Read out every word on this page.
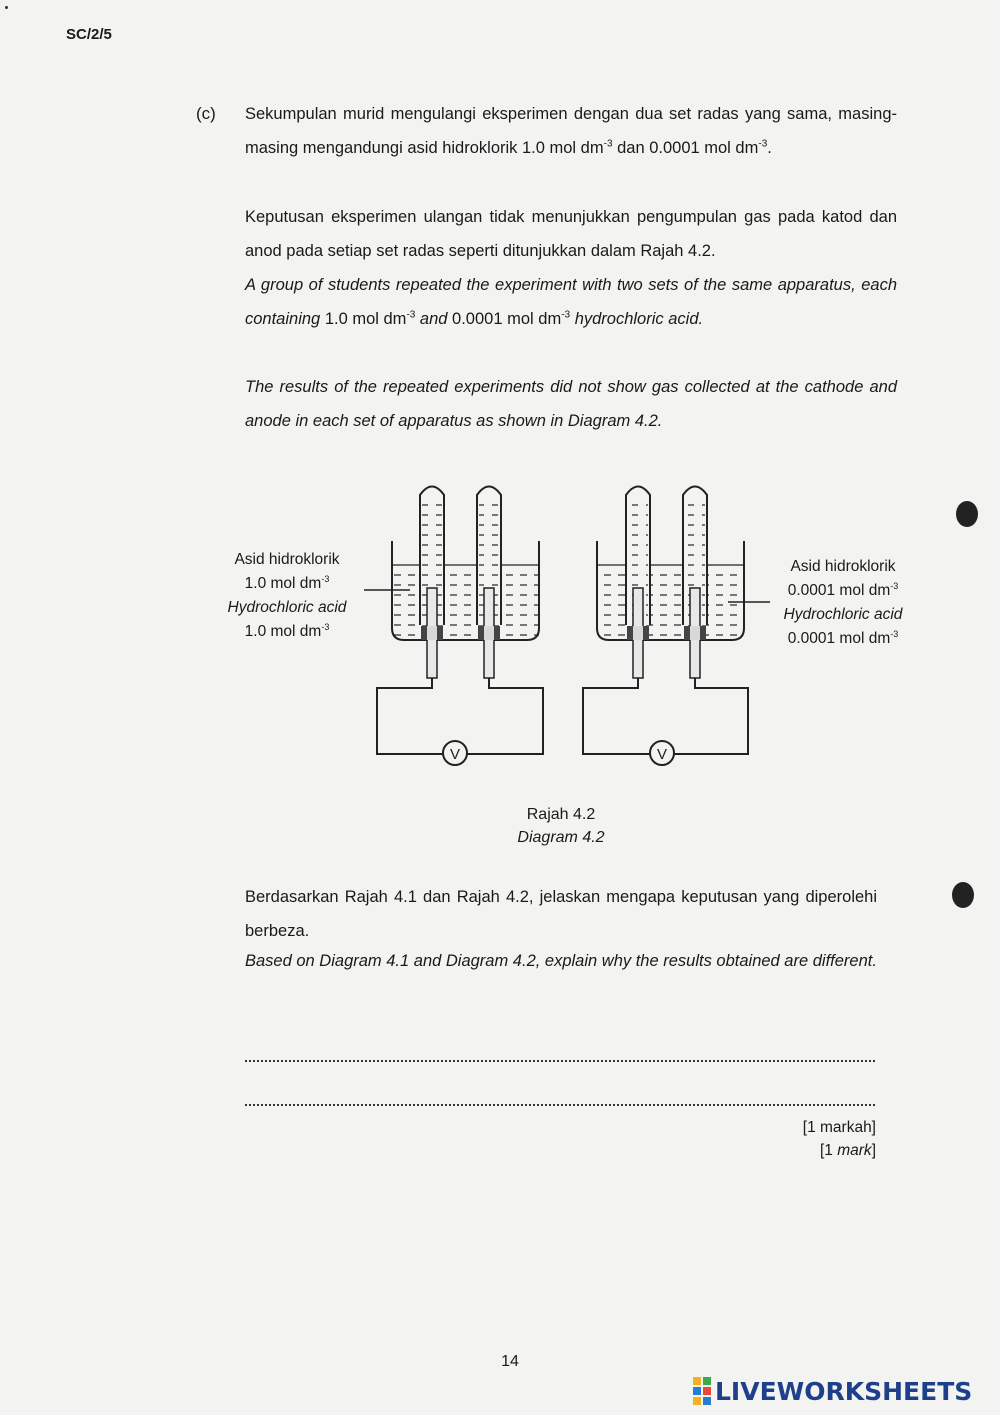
SC/2/5
(c) Sekumpulan murid mengulangi eksperimen dengan dua set radas yang sama, masing-masing mengandungi asid hidroklorik 1.0 mol $dm^{-3}$ dan 0.0001 mol $dm^{-3}$.
Keputusan eksperimen ulangan tidak menunjukkan pengumpulan gas pada katod dan anod pada setiap set radas seperti ditunjukkan dalam Rajah 4.2.
A group of students repeated the experiment with two sets of the same apparatus, each containing 1.0 mol $dm^{-3}$ and 0.0001 mol $dm^{-3}$ hydrochloric acid.
The results of the repeated experiments did not show gas collected at the cathode and anode in each set of apparatus as shown in Diagram 4.2.
V	V
Asid hidroklorik
1.0 mol $dm^{-3}$
Hydrochloric acid
1.0 mol $dm^{-3}$
Asid hidroklorik
0.0001 mol $dm^{-3}$
Hydrochloric acid
0.0001 mol $dm^{-3}$
Rajah 4.2
Diagram 4.2
Berdasarkan Rajah 4.1 dan Rajah 4.2, jelaskan mengapa keputusan yang diperolehi berbeza.
Based on Diagram 4.1 and Diagram 4.2, explain why the results obtained are different.
[1 markah]
[1 mark]
14
LIVEWORKSHEETS
